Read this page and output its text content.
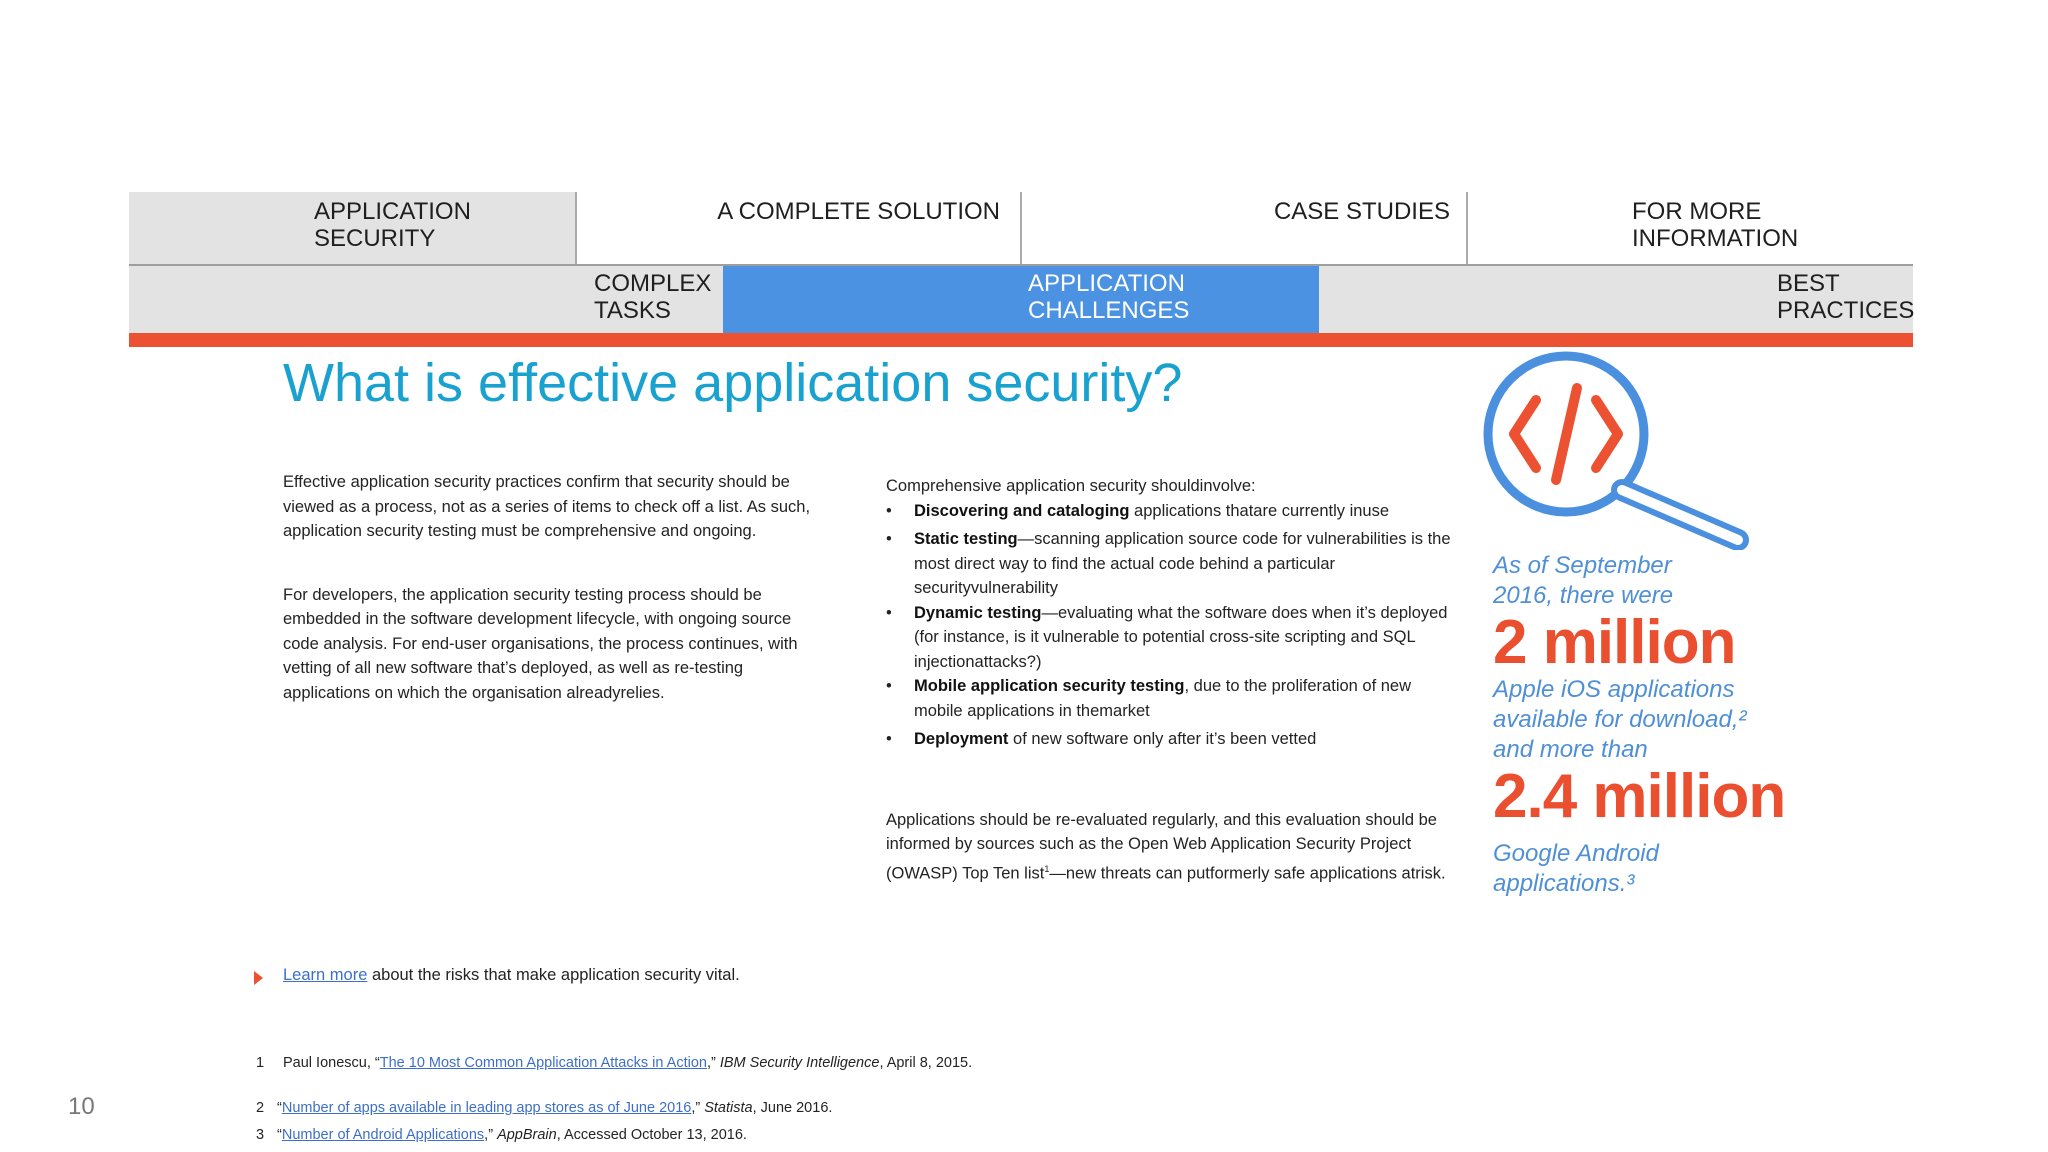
APPLICATION
SECURITY
A COMPLETE SOLUTION	CASE STUDIES	FOR MORE
INFORMATION
COMPLEX
TASKS
APPLICATION
CHALLENGES
BEST
PRACTICES
What is effective application security?

Effective application security practices confirm that security should be viewed as a process, not as a series of items to check off a list. As such, application security testing must be comprehensive and ongoing.

For developers, the application security testing process should be embedded in the software development lifecycle, with ongoing source code analysis. For end-user organisations, the process continues, with vetting of all new software that’s deployed, as well as re-testing applications on which the organisation alreadyrelies.

Comprehensive application security shouldinvolve:
• Discovering and cataloging applications thatare currently inuse
• Static testing—scanning application source code for vulnerabilities is the most direct way to find the actual code behind a particular securityvulnerability
• Dynamic testing—evaluating what the software does when it’s deployed (for instance, is it vulnerable to potential cross-site scripting and SQL injectionattacks?)
• Mobile application security testing, due to the proliferation of new mobile applications in themarket
• Deployment of new software only after it’s been vetted
Applications should be re-evaluated regularly, and this evaluation should be informed by sources such as the Open Web Application Security Project (OWASP) Top Ten list$^1$—new threats can putformerly safe applications atrisk.
As of September
2016, there were
2 million
Apple iOS applications
available for download,²
and more than
2.4 million
Google Android
applications.³
Learn more about the risks that make application security vital.
1 Paul Ionescu, “The 10 Most Common Application Attacks in Action,” IBM Security Intelligence, April 8, 2015.
2 “Number of apps available in leading app stores as of June 2016,” Statista, June 2016.
3 “Number of Android Applications,” AppBrain, Accessed October 13, 2016.
10
